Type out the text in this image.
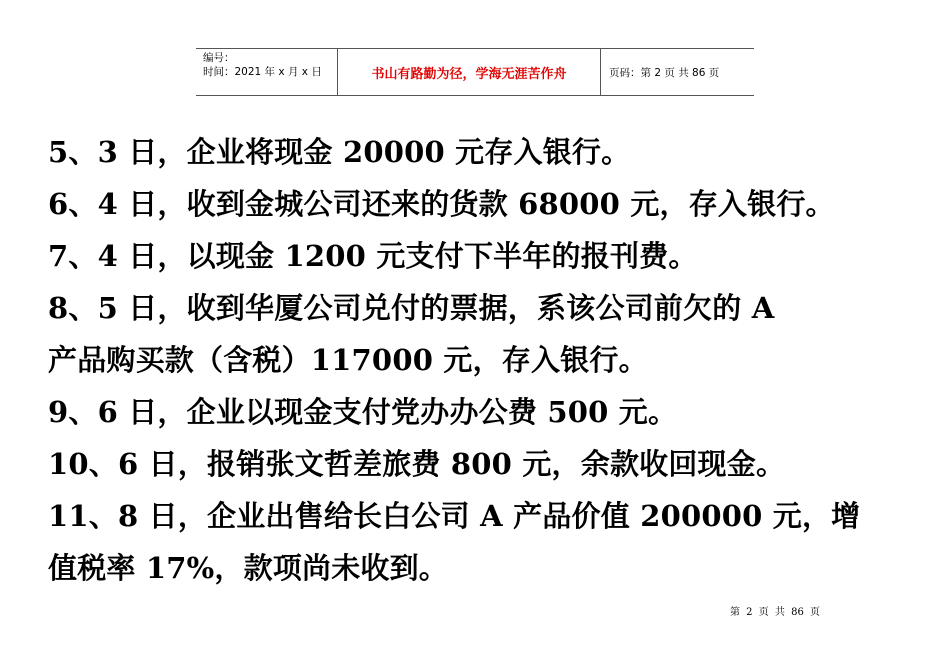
编号：
时间：2021 年 x 月 x 日	书山有路勤为径，学海无涯苦作舟	页码：第 2 页 共 86 页
5、3 日，企业将现金 20000 元存入银行。
6、4 日，收到金城公司还来的货款 68000 元，存入银行。
7、4 日，以现金 1200 元支付下半年的报刊费。
8、5 日，收到华厦公司兑付的票据，系该公司前欠的 A
产品购买款（含税）117000 元，存入银行。
9、6 日，企业以现金支付党办办公费 500 元。
10、6 日，报销张文哲差旅费 800 元，余款收回现金。
11、8 日，企业出售给长白公司 A 产品价值 200000 元，增
值税率 17%，款项尚未收到。
第 2 页 共 86 页
